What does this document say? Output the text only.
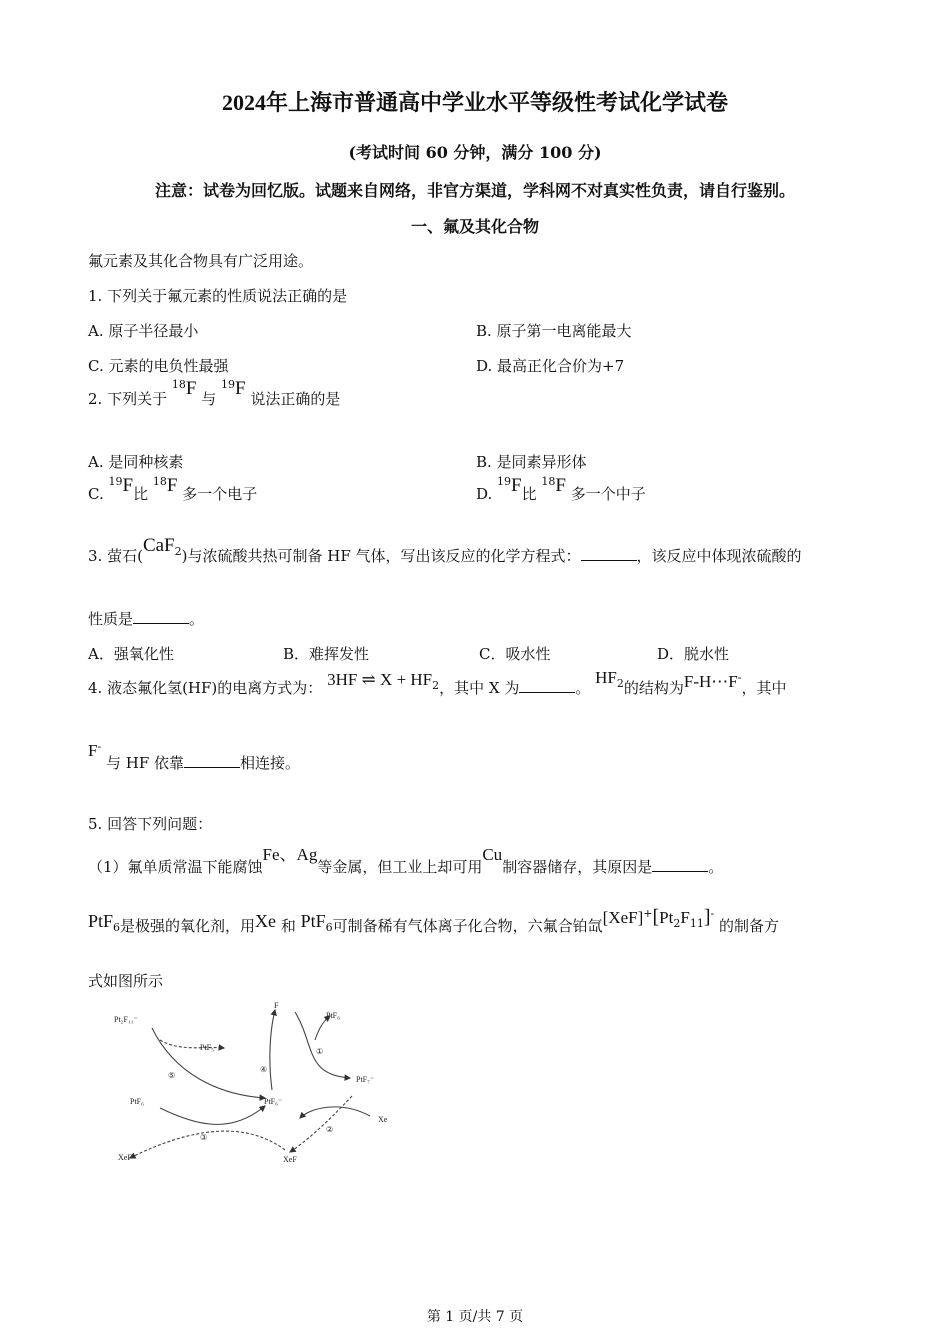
2024年上海市普通高中学业水平等级性考试化学试卷
(考试时间 60 分钟，满分 100 分)
注意：试卷为回忆版。试题来自网络，非官方渠道，学科网不对真实性负责，请自行鉴别。
一、氟及其化合物
氟元素及其化合物具有广泛用途。
1. 下列关于氟元素的性质说法正确的是
A. 原子半径最小	B. 原子第一电离能最大
C. 元素的电负性最强	D. 最高正化合价为+7
2. 下列关于 $^{18}$F 与 $^{19}$F 说法正确的是
A. 是同种核素	B. 是同素异形体
C. $^{19}$F比 $^{18}$F 多一个电子	D. $^{19}$F比 $^{18}$F 多一个中子
3. 萤石(CaF$_2$)与浓硫酸共热可制备 HF 气体，写出该反应的化学方程式：	，该反应中体现浓硫酸的
性质是	。
A．强氧化性	B．难挥发性	C．吸水性	D．脱水性
4. 液态氟化氢(HF)的电离方式为： 3HF ⇌ $X + HF_2$，其中 X 为	。 $HF_2$的结构为F-H⋯F-，其中
F- 与 HF 依靠	相连接。
5. 回答下列问题：
（1）氟单质常温下能腐蚀Fe、Ag等金属，但工业上却可用Cu制容器储存，其原因是	。
PtF$_6$是极强的氧化剂，用Xe 和 PtF$_6$可制备稀有气体离子化合物，六氟合铂氙$[XeF]^+[Pt_2F_{11}]^-$ 的制备方
式如图所示
Pt₂F₁₁⁻
F
PtF₆
PtF₅
PtF₇⁻
PtF₆	PtF₆⁻
Xe
XeF⁺	XeF
①
②
③
④
⑤
第 1 页/共 7 页
